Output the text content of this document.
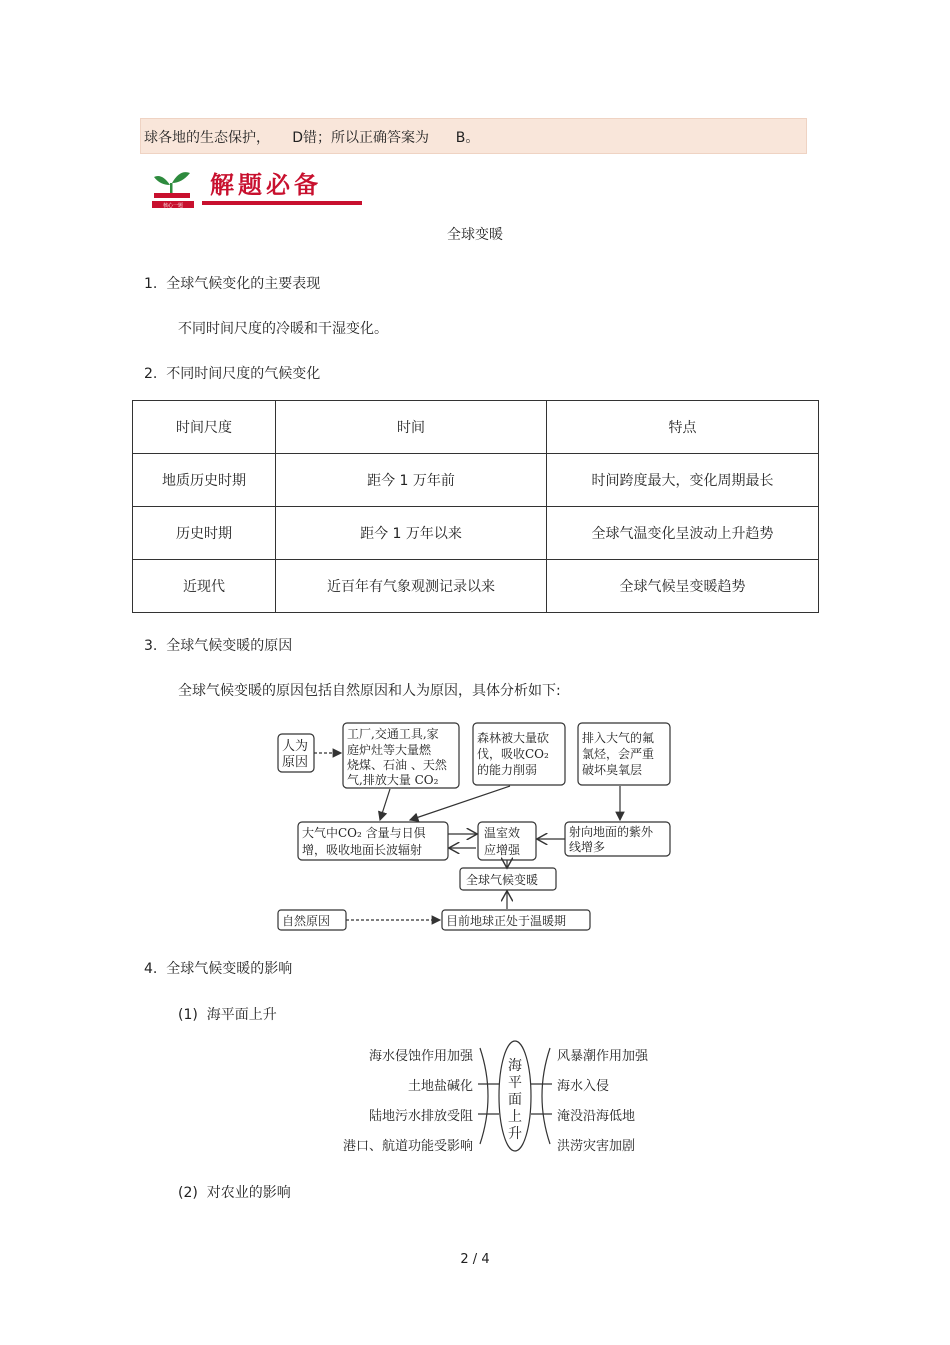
球各地的生态保护，     D错；所以正确答案为      B。
核心一题
解题必备
全球变暖
1.  全球气候变化的主要表现
不同时间尺度的冷暖和干湿变化。
2.  不同时间尺度的气候变化
时间尺度	时间	特点
地质历史时期	距今 1 万年前	时间跨度最大，变化周期最长
历史时期	距今 1 万年以来	全球气温变化呈波动上升趋势
近现代	近百年有气象观测记录以来	全球气候呈变暖趋势
3.  全球气候变暖的原因
全球气候变暖的原因包括自然原因和人为原因，具体分析如下:
人为
原因
工厂,交通工具,家
庭炉灶等大量燃
烧煤、石油 、天然
气,排放大量 CO₂
森林被大量砍
伐，吸收CO₂
的能力削弱
排入大气的氟
氯烃，会严重
破坏臭氧层
大气中CO₂ 含量与日俱
增，吸收地面长波辐射
温室效
应增强
射向地面的紫外
线增多
全球气候变暖
自然原因	目前地球正处于温暖期
4.  全球气候变暖的影响
(1)  海平面上升
海
平
面
上
升
海水侵蚀作用加强
土地盐碱化
陆地污水排放受阻
港口、航道功能受影响
风暴潮作用加强
海水入侵
淹没沿海低地
洪涝灾害加剧
(2)  对农业的影响
2 / 4
